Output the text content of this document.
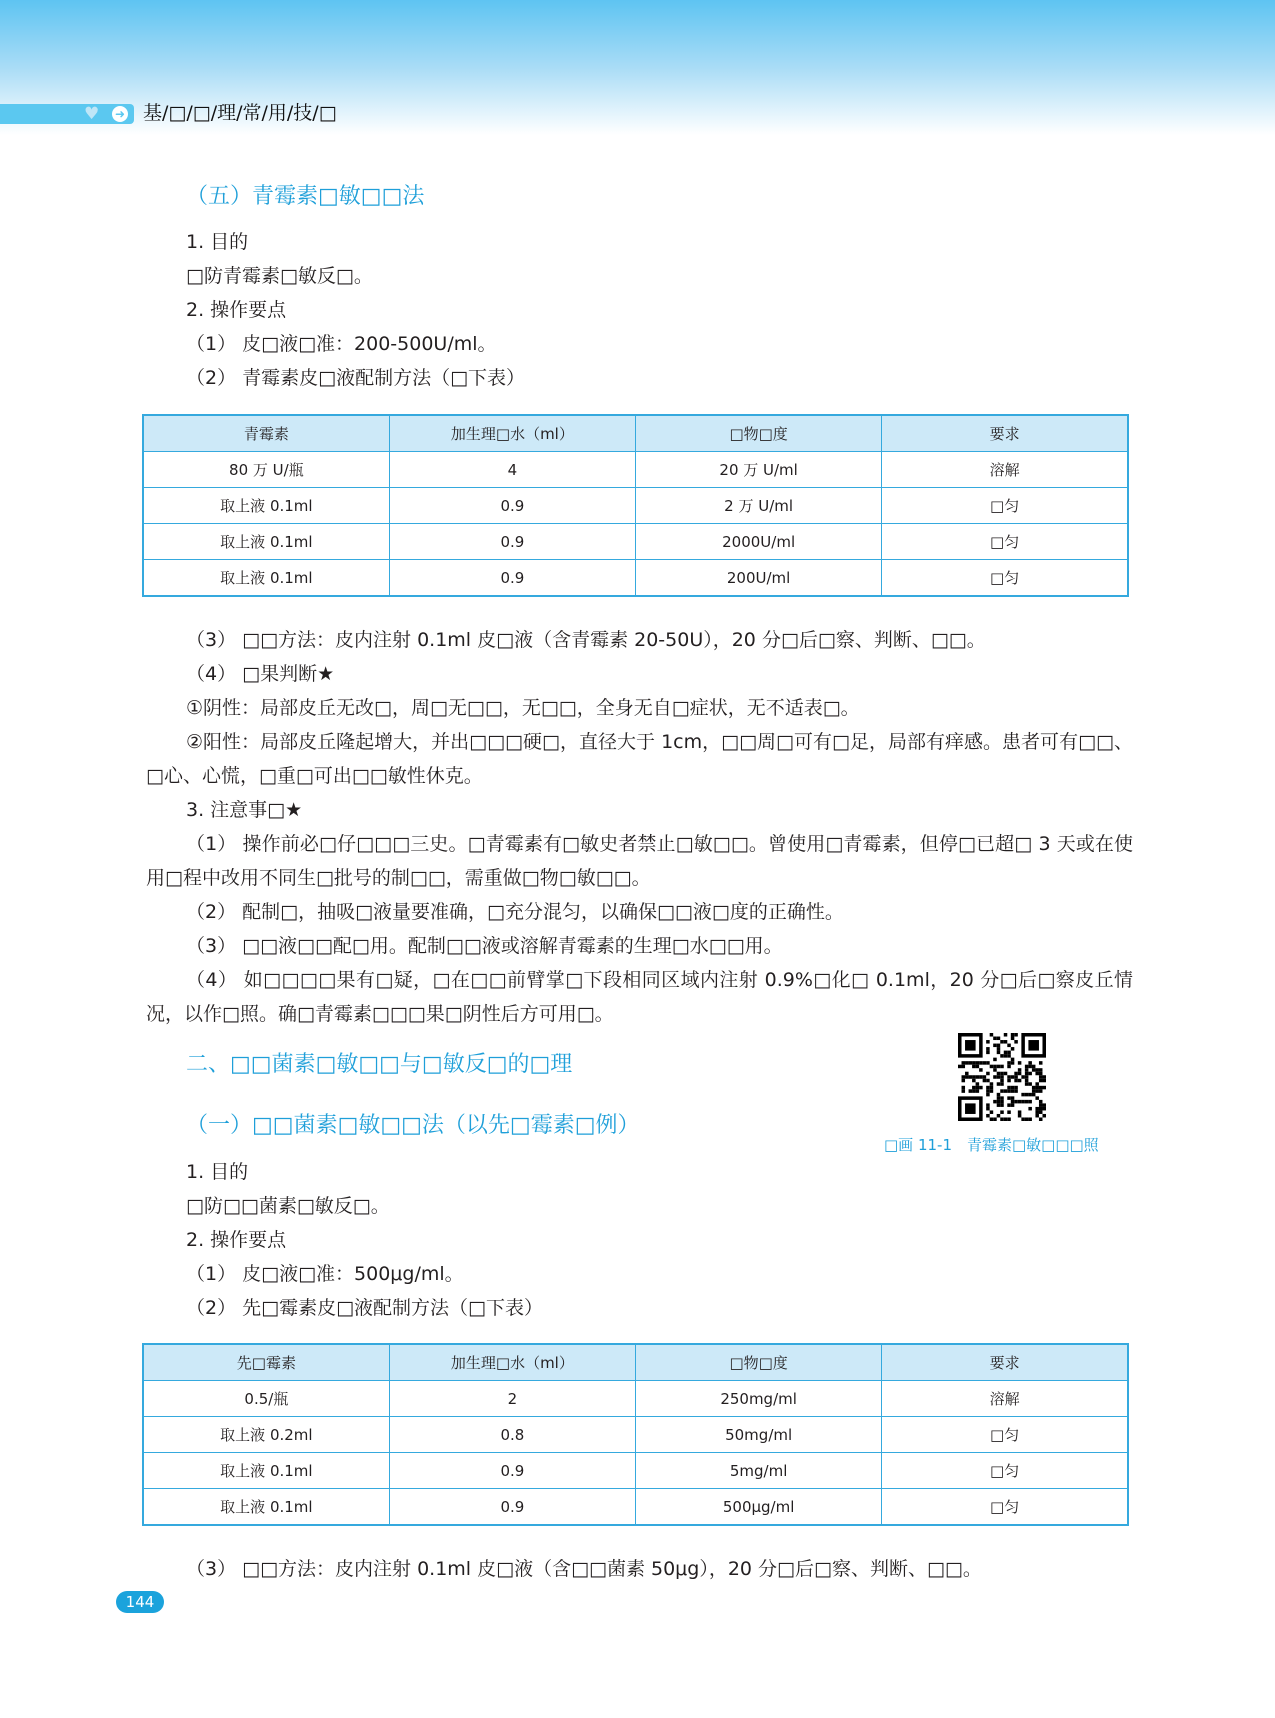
♥ ➜ 基/□/□/理/常/用/技/□
（五）青霉素□敏□□法
1. 目的
□防青霉素□敏反□。
2. 操作要点
（1） 皮□液□准：200-500U/ml。
（2） 青霉素皮□液配制方法（□下表）
青霉素	加生理□水（ml）	□物□度	要求
80 万 U/瓶	4	20 万 U/ml	溶解
取上液 0.1ml	0.9	2 万 U/ml	□匀
取上液 0.1ml	0.9	2000U/ml	□匀
取上液 0.1ml	0.9	200U/ml	□匀
（3） □□方法：皮内注射 0.1ml 皮□液（含青霉素 20-50U），20 分□后□察、判断、□□。
（4） □果判断★
①阴性：局部皮丘无改□，周□无□□，无□□，全身无自□症状，无不适表□。
②阳性：局部皮丘隆起增大，并出□□□硬□，直径大于 1cm，□□周□可有□足，局部有痒感。患者可有□□、□心、心慌，□重□可出□□敏性休克。
3. 注意事□★
（1） 操作前必□仔□□□三史。□青霉素有□敏史者禁止□敏□□。曾使用□青霉素，但停□已超□ 3 天或在使用□程中改用不同生□批号的制□□，需重做□物□敏□□。
（2） 配制□，抽吸□液量要准确，□充分混匀，以确保□□液□度的正确性。
（3） □□液□□配□用。配制□□液或溶解青霉素的生理□水□□用。
（4） 如□□□□果有□疑，□在□□前臂掌□下段相同区域内注射 0.9%□化□ 0.1ml，20 分□后□察皮丘情况，以作□照。确□青霉素□□□果□阴性后方可用□。
二、□□菌素□敏□□与□敏反□的□理
（一）□□菌素□敏□□法（以先□霉素□例）
1. 目的
□防□□菌素□敏反□。
2. 操作要点
（1） 皮□液□准：500μg/ml。
（2） 先□霉素皮□液配制方法（□下表）
先□霉素	加生理□水（ml）	□物□度	要求
0.5/瓶	2	250mg/ml	溶解
取上液 0.2ml	0.8	50mg/ml	□匀
取上液 0.1ml	0.9	5mg/ml	□匀
取上液 0.1ml	0.9	500μg/ml	□匀
（3） □□方法：皮内注射 0.1ml 皮□液（含□□菌素 50μg），20 分□后□察、判断、□□。
□画 11-1　青霉素□敏□□□照
144
